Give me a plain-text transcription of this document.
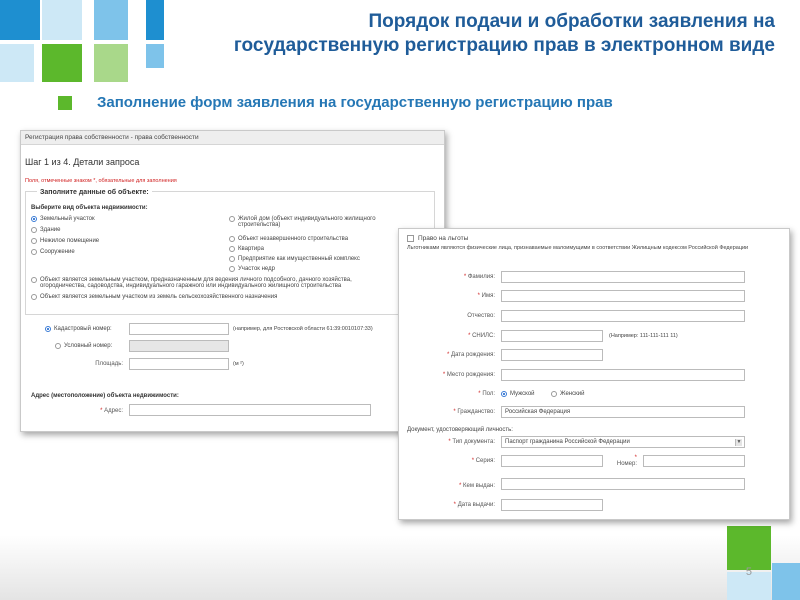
Порядок подачи и обработки заявления на
государственную регистрацию прав в электронном виде
Заполнение форм заявления на государственную регистрацию прав
5
Регистрация права собственности - права собственности
Шаг 1 из 4. Детали запроса
Поля, отмеченные знаком *, обязательные для заполнения
Заполните данные об объекте:
Выберите вид объекта недвижимости:
Земельный участок
Здание
Нежилое помещение
Сооружение
Жилой дом (объект индивидуального жилищного строительства)
Объект незавершенного строительства
Квартира
Предприятие как имущественный комплекс
Участок недр
Объект является земельным участком, предназначенным для ведения личного подсобного, дачного хозяйства, огородничества, садоводства, индивидуального гаражного или индивидуального жилищного строительства
Объект является земельным участком из земель сельскохозяйственного назначения
Кадастровый номер:	(например, для Ростовской области 61:39:0010107:33)
Условный номер:
Площадь:	(м ²)
Адрес (местоположение) объекта недвижимости:
* Адрес:
Право на льготы
Льготниками являются физические лица, признаваемые малоимущими в соответствии Жилищным кодексом Российской Федерации
* Фамилия:
* Имя:
Отчество:
* СНИЛС:	(Например: 111-111-111 11)
* Дата рождения:
* Место рождения:
* Пол:	Мужской	Женский
* Гражданство:	Российская Федерация
Документ, удостоверяющий личность:
* Тип документа:	Паспорт гражданина Российской Федерации	▼
* Серия:	*
Номер:
* Кем выдан:
* Дата выдачи:
